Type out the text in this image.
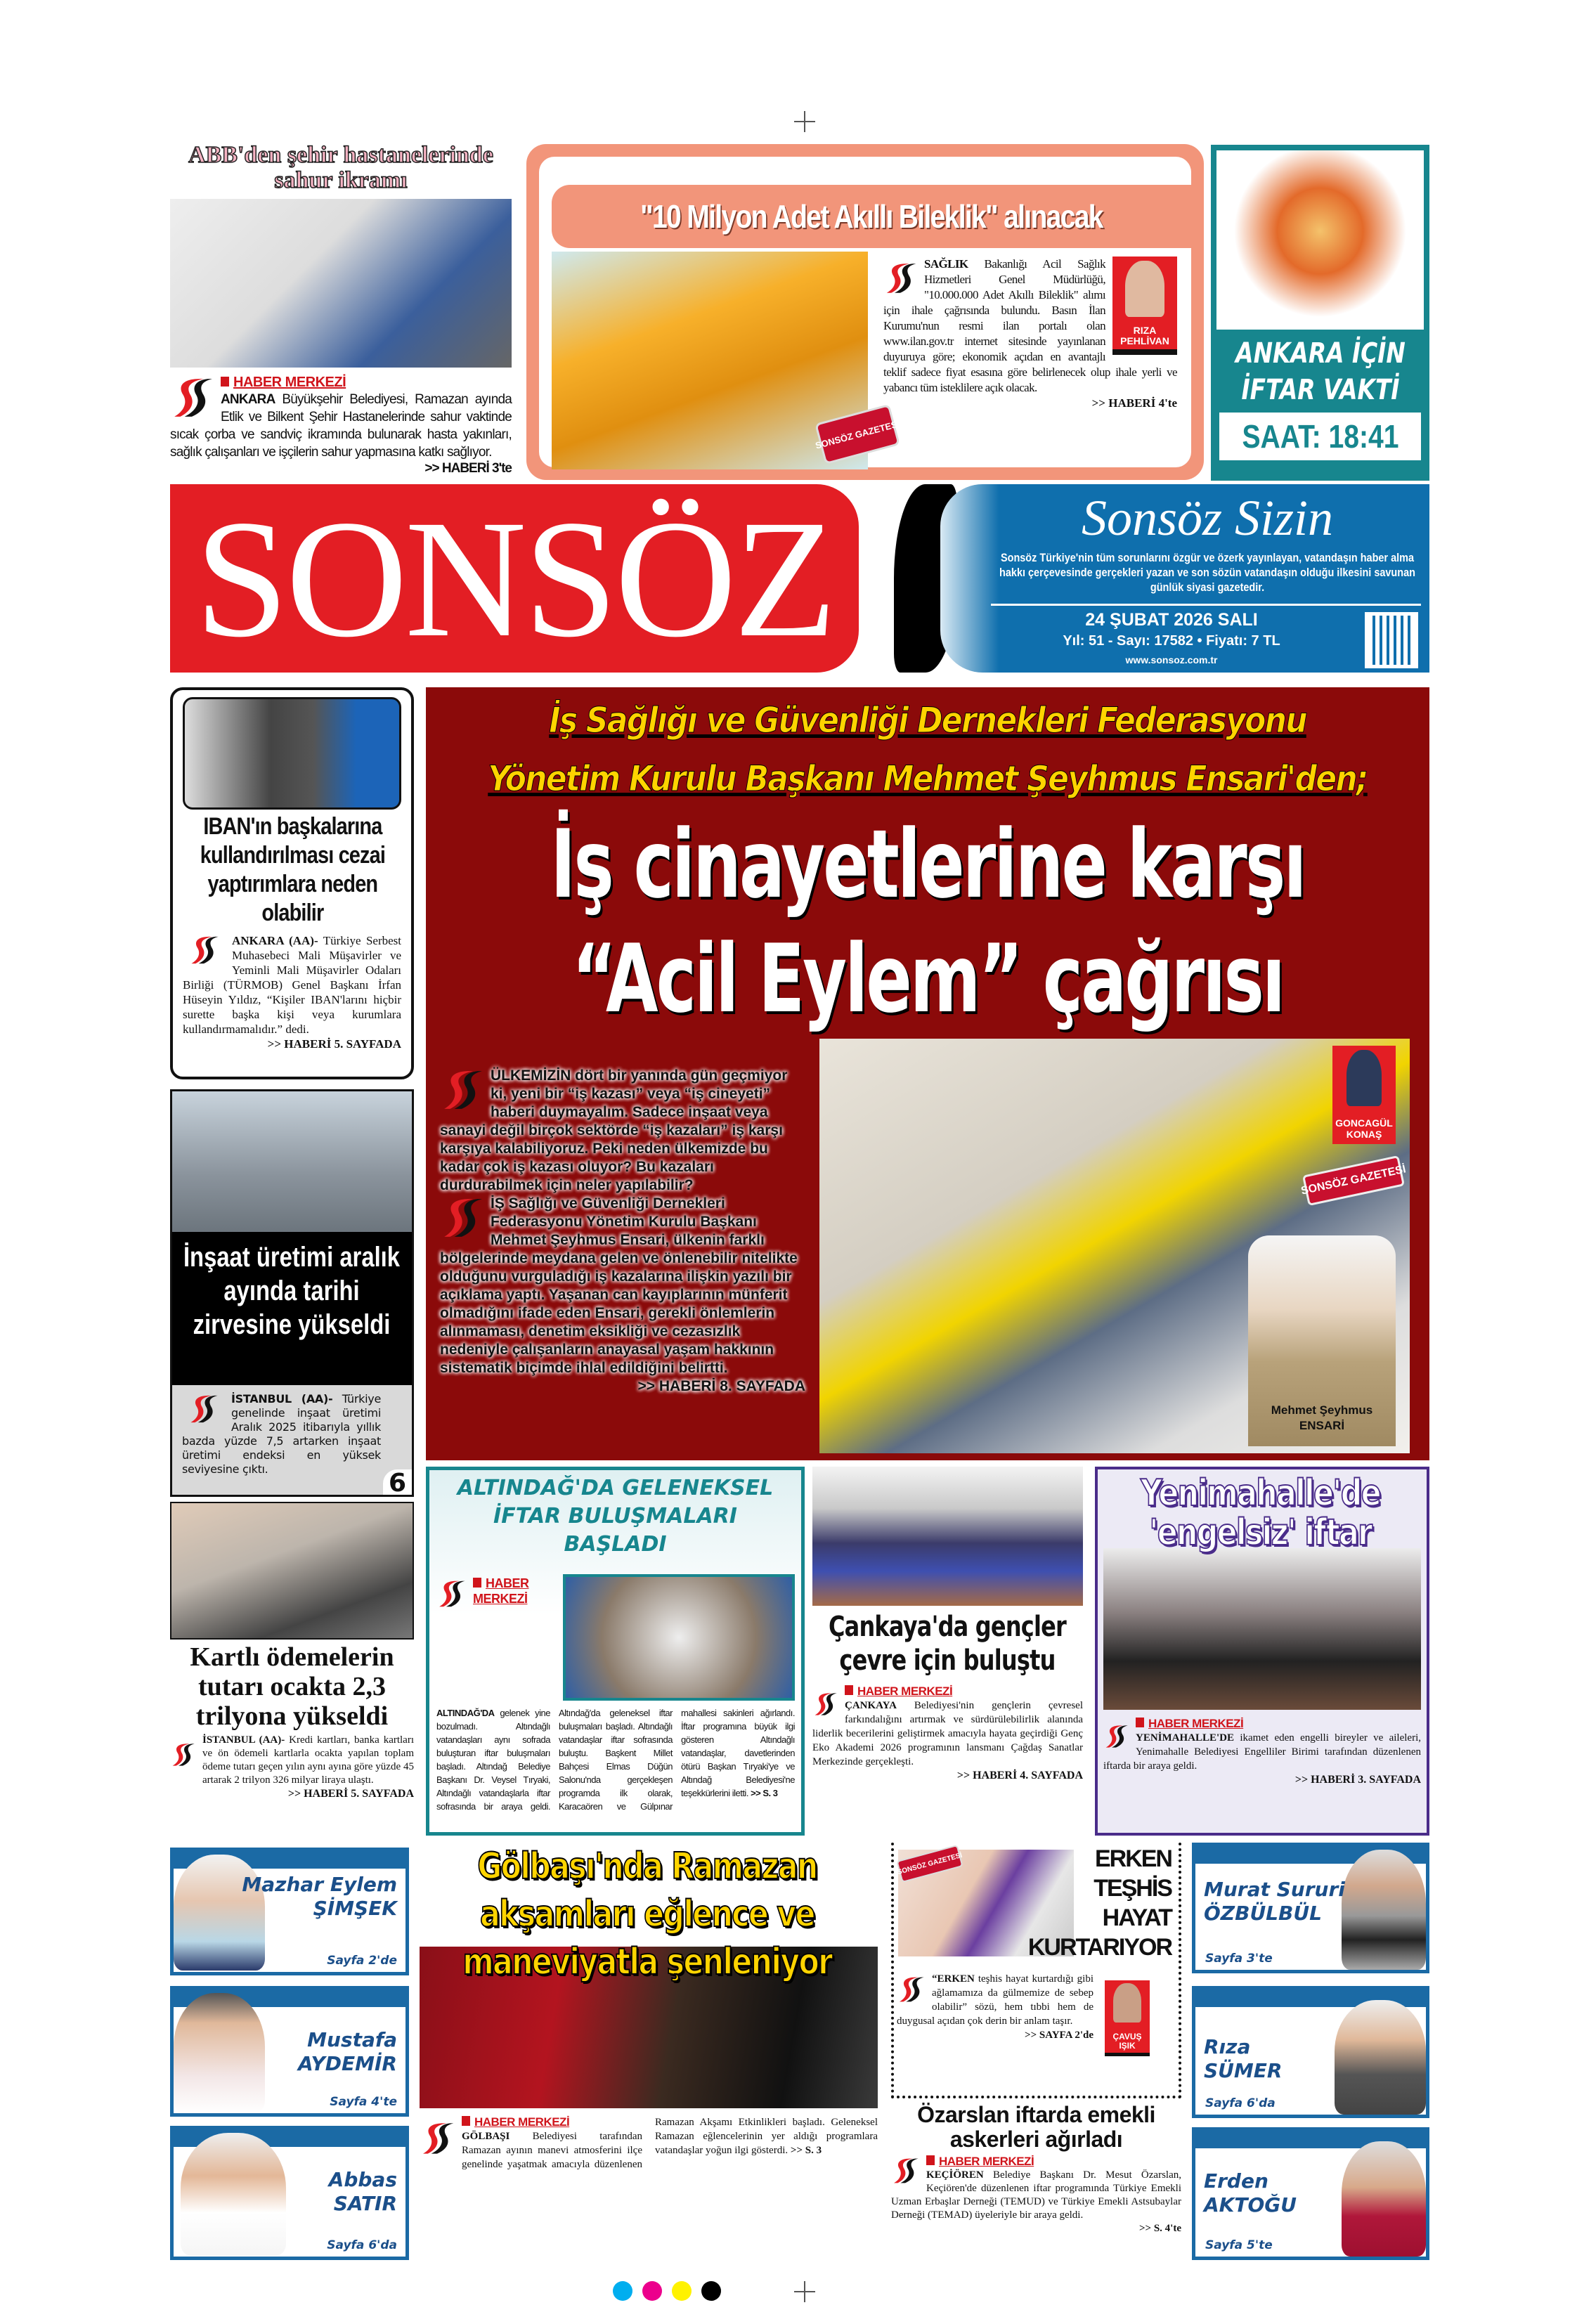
ABB'den şehir hastanelerinde sahur ikramı
HABER MERKEZİ

ANKARA Büyükşehir Belediyesi, Ramazan ayında Etlik ve Bilkent Şehir Hastanelerinde sahur vaktinde sıcak çorba ve sandviç ikramında bulunarak hasta yakınları, sağlık çalışanları ve işçilerin sahur yapmasına katkı sağlıyor.

>> HABERİ 3'te
"10 Milyon Adet Akıllı Bileklik" alınacak
SONSÖZ GAZETESİ
RIZA PEHLİVAN

SAĞLIK Bakanlığı Acil Sağlık Hizmetleri Genel Müdürlüğü, "10.000.000 Adet Akıllı Bileklik" alımı için ihale çağrısında bulundu. Basın İlan Kurumu'nun resmi ilan portalı olan www.ilan.gov.tr internet sitesinde yayınlanan duyuruya göre; ekonomik açıdan en avantajlı teklif sadece fiyat esasına göre belirlenecek olup ihale yerli ve yabancı tüm isteklilere açık olacak.

>> HABERİ 4'te
ANKARA İÇİN
İFTAR VAKTİ
SAAT: 18:41
SONSÖZ	Sonsöz Sizin
Sonsöz Türkiye'nin tüm sorunlarını özgür ve özerk yayınlayan, vatandaşın haber alma hakkı çerçevesinde gerçekleri yazan ve son sözün vatandaşın olduğu ilkesini savunan günlük siyasi gazetedir.
24 ŞUBAT 2026 SALI
Yıl: 51 - Sayı: 17582 • Fiyatı: 7 TL
www.sonsoz.com.tr
IBAN'ın başkalarına kullandırılması cezai yaptırımlara neden olabilir

ANKARA (AA)- Türkiye Serbest Muhasebeci Mali Müşavirler ve Yeminli Mali Müşavirler Odaları Birliği (TÜRMOB) Genel Başkanı İrfan Hüseyin Yıldız, “Kişiler IBAN'larını hiçbir surette başka kişi veya kurumlara kullandırmamalıdır.” dedi.

>> HABERİ 5. SAYFADA
İnşaat üretimi aralık ayında tarihi zirvesine yükseldi

İSTANBUL (AA)- Türkiye genelinde inşaat üretimi Aralık 2025 itibarıyla yıllık bazda yüzde 7,5 artarken inşaat üretimi endeksi en yüksek seviyesine çıktı.	6
İş Sağlığı ve Güvenliği Dernekleri Federasyonu
Yönetim Kurulu Başkanı Mehmet Şeyhmus Ensari'den;
İş cinayetlerine karşı
“Acil Eylem” çağrısı
GONCAGÜL KONAŞ
SONSÖZ GAZETESİ
Mehmet Şeyhmus ENSARİ

ÜLKEMİZİN dört bir yanında gün geçmiyor ki, yeni bir “iş kazası” veya “iş cineyeti” haberi duymayalım. Sadece inşaat veya sanayi değil birçok sektörde “iş kazaları” iş karşı karşıya kalabiliyoruz. Peki neden ülkemizde bu kadar çok iş kazası oluyor? Bu kazaları durdurabilmek için neler yapılabilir?

İŞ Sağlığı ve Güvenliği Dernekleri Federasyonu Yönetim Kurulu Başkanı Mehmet Şeyhmus Ensari, ülkenin farklı bölgelerinde meydana gelen ve önlenebilir nitelikte olduğunu vurguladığı iş kazalarına ilişkin yazılı bir açıklama yaptı. Yaşanan can kayıplarının münferit olmadığını ifade eden Ensari, gerekli önlemlerin alınmaması, denetim eksikliği ve cezasızlık nedeniyle çalışanların anayasal yaşam hakkının sistematik biçimde ihlal edildiğini belirtti.

>> HABERİ 8. SAYFADA
Kartlı ödemelerin tutarı ocakta 2,3 trilyona yükseldi

İSTANBUL (AA)- Kredi kartları, banka kartları ve ön ödemeli kartlarla ocakta yapılan toplam ödeme tutarı geçen yılın aynı ayına göre yüzde 45 artarak 2 trilyon 326 milyar liraya ulaştı.

>> HABERİ 5. SAYFADA
ALTINDAĞ'DA GELENEKSEL İFTAR BULUŞMALARI BAŞLADI
HABER MERKEZİ

ALTINDAĞ'DA gelenek yine bozulmadı. Altındağlı vatandaşları aynı sofrada buluşturan iftar buluşmaları başladı. Altındağ Belediye Başkanı Dr. Veysel Tıryaki, Altındağlı vatandaşlarla iftar sofrasında bir araya geldi. Altındağ'da geleneksel iftar buluşmaları başladı. Altındağlı vatandaşlar iftar sofrasında buluştu. Başkent Millet Bahçesi Elmas Düğün Salonu'nda gerçekleşen programda ilk olarak, Karacaören ve Gülpınar mahallesi sakinleri ağırlandı. İftar programına büyük ilgi gösteren Altındağlı vatandaşlar, davetlerinden ötürü Başkan Tıryaki'ye ve Altındağ Belediyesi'ne teşekkürlerini iletti. >> S. 3

Çankaya'da gençler çevre için buluştu
HABER MERKEZİ

ÇANKAYA Belediyesi'nin gençlerin çevresel farkındalığını artırmak ve sürdürülebilirlik alanında liderlik becerilerini geliştirmek amacıyla hayata geçirdiği Genç Eko Akademi 2026 programının lansmanı Çağdaş Sanatlar Merkezinde gerçekleşti.

>> HABERİ 4. SAYFADA
Yenimahalle'de 'engelsiz' iftar
HABER MERKEZİ

YENİMAHALLE'DE ikamet eden engelli bireyler ve aileleri, Yenimahalle Belediyesi Engelliler Birimi tarafından düzenlenen iftarda bir araya geldi.

>> HABERİ 3. SAYFADA
Mazhar Eylem
ŞİMŞEK
Sayfa 2'de
Mustafa
AYDEMİR
Sayfa 4'te
Abbas
SATIR
Sayfa 6'da
Gölbaşı'nda Ramazan akşamları eğlence ve maneviyatla şenleniyor
HABER MERKEZİ

GÖLBAŞI Belediyesi tarafından Ramazan ayının manevi atmosferini ilçe genelinde yaşatmak amacıyla düzenlenen Ramazan Akşamı Etkinlikleri başladı. Geleneksel Ramazan eğlencelerinin yer aldığı programlara vatandaşlar yoğun ilgi gösterdi. >> S. 3

SONSÖZ GAZETESİ	ERKEN
TEŞHİS
HAYAT
KURTARIYOR
ÇAVUŞ IŞIK

“ERKEN teşhis hayat kurtardığı gibi ağlamamıza da gülmemize de sebep olabilir” sözü, hem tıbbi hem de duygusal açıdan çok derin bir anlam taşır.

>> SAYFA 2'de
Özarslan iftarda emekli askerleri ağırladı
HABER MERKEZİ

KEÇİÖREN Belediye Başkanı Dr. Mesut Özarslan, Keçiören'de düzenlenen iftar programında Türkiye Emekli Uzman Erbaşlar Derneği (TEMUD) ve Türkiye Emekli Astsubaylar Derneği (TEMAD) üyeleriyle bir araya geldi.

>> S. 4'te
Murat Sururi
ÖZBÜLBÜL
Sayfa 3'te
Rıza
SÜMER
Sayfa 6'da
Erden
AKTOĞU
Sayfa 5'te
